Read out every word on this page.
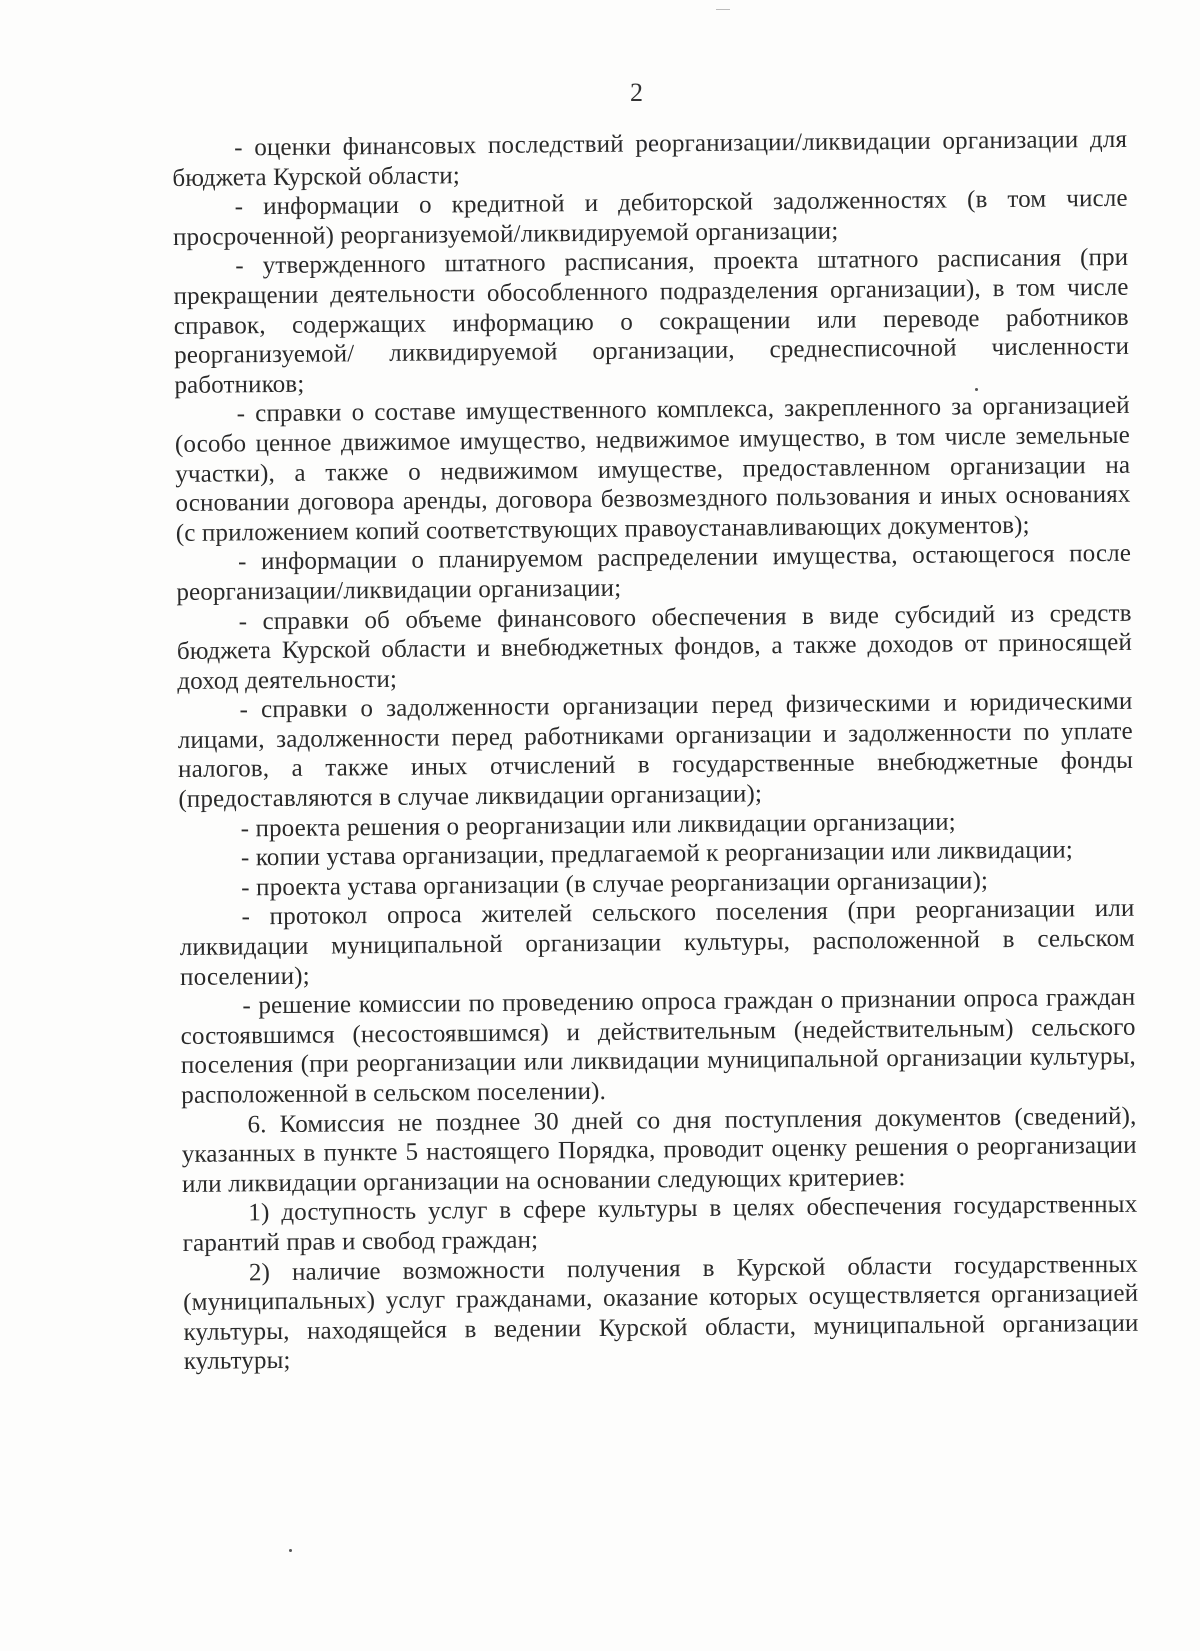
2

- оценки финансовых последствий реорганизации/ликвидации организации для бюджета Курской области;

- информации о кредитной и дебиторской задолженностях (в том числе просроченной) реорганизуемой/ликвидируемой организации;

- утвержденного штатного расписания, проекта штатного расписания (при прекращении деятельности обособленного подразделения организации), в том числе справок, содержащих информацию о сокращении или переводе работников реорганизуемой/ ликвидируемой организации, среднесписочной численности работников;

- справки о составе имущественного комплекса, закрепленного за организацией (особо ценное движимое имущество, недвижимое имущество, в том числе земельные участки), а также о недвижимом имуществе, предоставленном организации на основании договора аренды, договора безвозмездного пользования и иных основаниях (с приложением копий соответствующих правоустанавливающих документов);

- информации о планируемом распределении имущества, остающегося после реорганизации/ликвидации организации;

- справки об объеме финансового обеспечения в виде субсидий из средств бюджета Курской области и внебюджетных фондов, а также доходов от приносящей доход деятельности;

- справки о задолженности организации перед физическими и юридическими лицами, задолженности перед работниками организации и задолженности по уплате налогов, а также иных отчислений в государственные внебюджетные фонды (предоставляются в случае ликвидации организации);

- проекта решения о реорганизации или ликвидации организации;

- копии устава организации, предлагаемой к реорганизации или ликвидации;

- проекта устава организации (в случае реорганизации организации);

- протокол опроса жителей сельского поселения (при реорганизации или ликвидации муниципальной организации культуры, расположенной в сельском поселении);

- решение комиссии по проведению опроса граждан о признании опроса граждан состоявшимся (несостоявшимся) и действительным (недействительным) сельского поселения (при реорганизации или ликвидации муниципальной организации культуры, расположенной в сельском поселении).

6. Комиссия не позднее 30 дней со дня поступления документов (сведений), указанных в пункте 5 настоящего Порядка, проводит оценку решения о реорганизации или ликвидации организации на основании следующих критериев:

1) доступность услуг в сфере культуры в целях обеспечения государственных гарантий прав и свобод граждан;

2) наличие возможности получения в Курской области государственных (муниципальных) услуг гражданами, оказание которых осуществляется организацией культуры, находящейся в ведении Курской области, муниципальной организации культуры;
